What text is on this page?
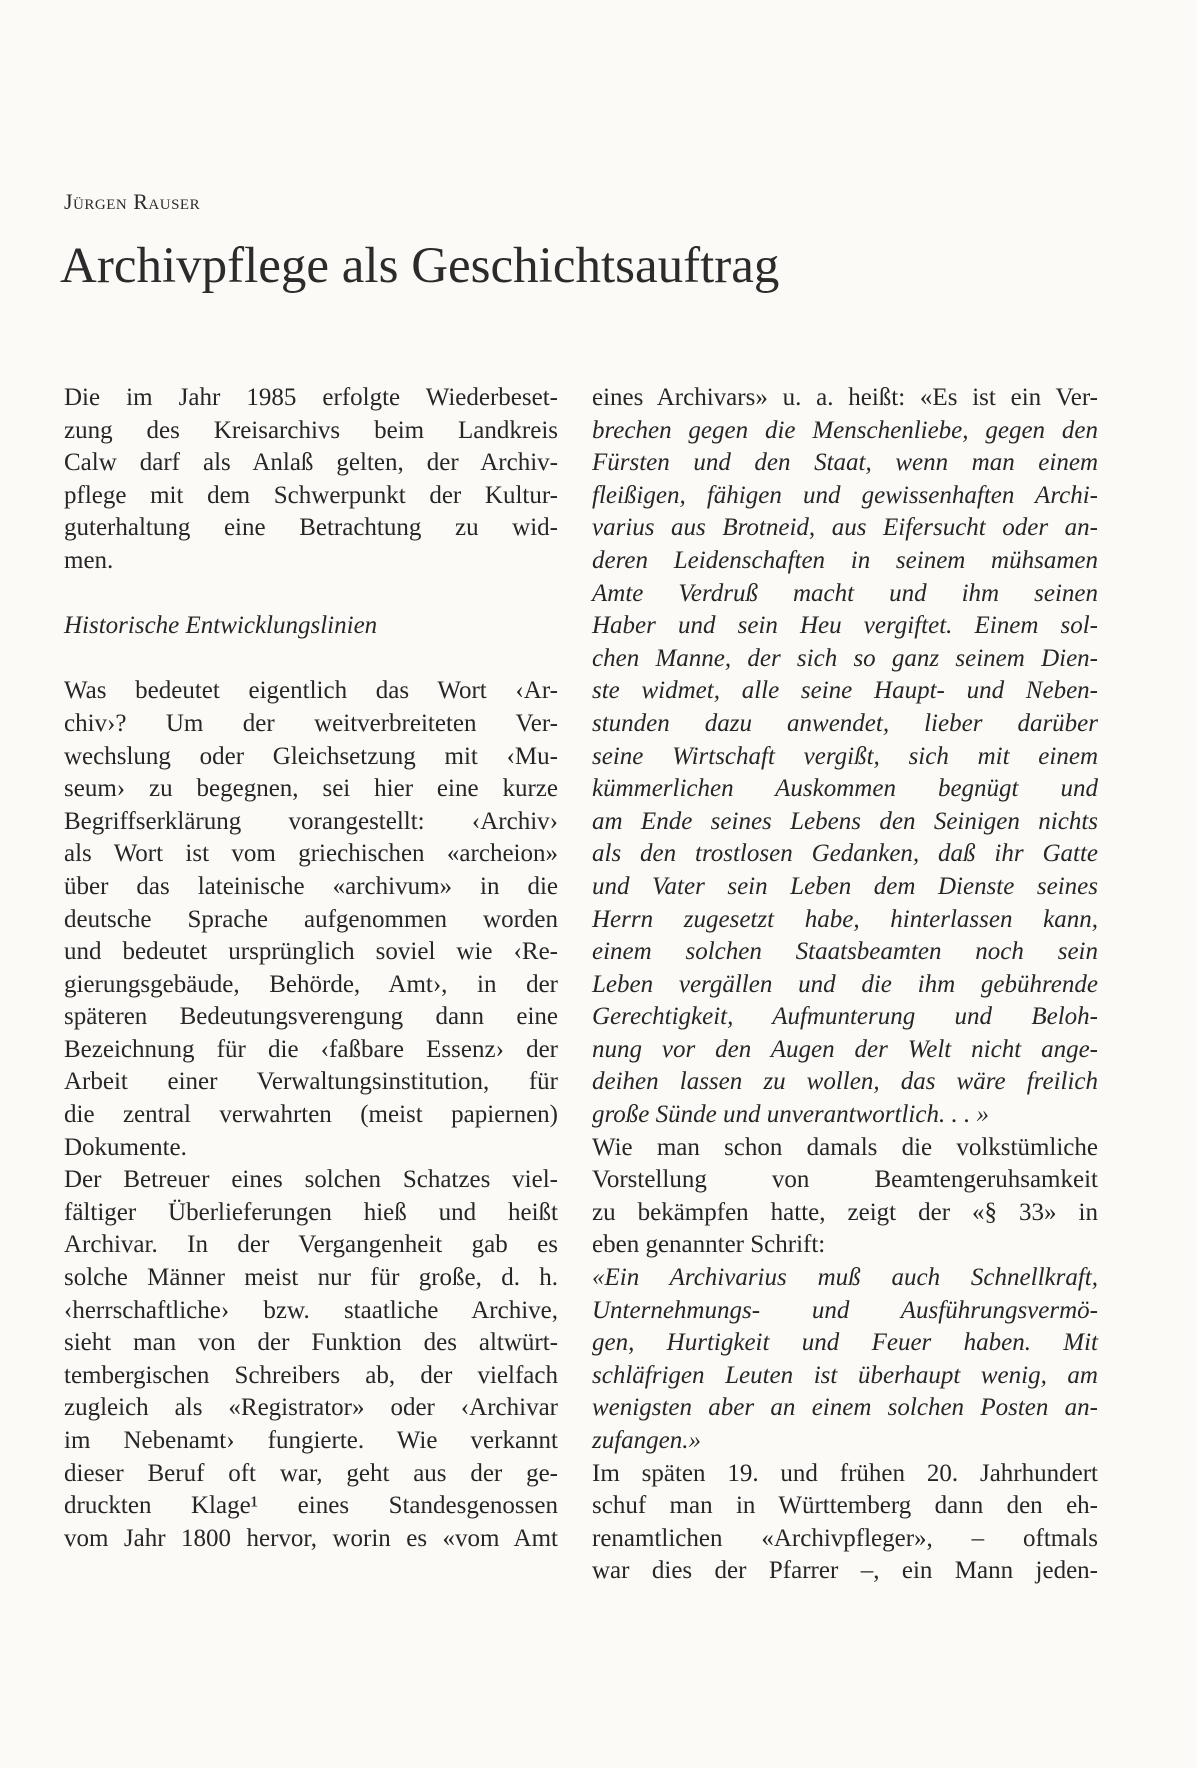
Jürgen Rauser
Archivpflege als Geschichtsauftrag
Die im Jahr 1985 erfolgte Wiederbeset-
zung des Kreisarchivs beim Landkreis
Calw darf als Anlaß gelten, der Archiv-
pflege mit dem Schwerpunkt der Kultur-
guterhaltung eine Betrachtung zu wid-
men.
Historische Entwicklungslinien
Was bedeutet eigentlich das Wort ‹Ar-
chiv›? Um der weitverbreiteten Ver-
wechslung oder Gleichsetzung mit ‹Mu-
seum› zu begegnen, sei hier eine kurze
Begriffserklärung vorangestellt: ‹Archiv›
als Wort ist vom griechischen «archeion»
über das lateinische «archivum» in die
deutsche Sprache aufgenommen worden
und bedeutet ursprünglich soviel wie ‹Re-
gierungsgebäude, Behörde, Amt›, in der
späteren Bedeutungsverengung dann eine
Bezeichnung für die ‹faßbare Essenz› der
Arbeit einer Verwaltungsinstitution, für
die zentral verwahrten (meist papiernen)
Dokumente.
Der Betreuer eines solchen Schatzes viel-
fältiger Überlieferungen hieß und heißt
Archivar. In der Vergangenheit gab es
solche Männer meist nur für große, d. h.
‹herrschaftliche› bzw. staatliche Archive,
sieht man von der Funktion des altwürt-
tembergischen Schreibers ab, der vielfach
zugleich als «Registrator» oder ‹Archivar
im Nebenamt› fungierte. Wie verkannt
dieser Beruf oft war, geht aus der ge-
druckten Klage¹ eines Standesgenossen
vom Jahr 1800 hervor, worin es «vom Amt
eines Archivars» u. a. heißt: «Es ist ein Ver-
brechen gegen die Menschenliebe, gegen den
Fürsten und den Staat, wenn man einem
fleißigen, fähigen und gewissenhaften Archi-
varius aus Brotneid, aus Eifersucht oder an-
deren Leidenschaften in seinem mühsamen
Amte Verdruß macht und ihm seinen
Haber und sein Heu vergiftet. Einem sol-
chen Manne, der sich so ganz seinem Dien-
ste widmet, alle seine Haupt- und Neben-
stunden dazu anwendet, lieber darüber
seine Wirtschaft vergißt, sich mit einem
kümmerlichen Auskommen begnügt und
am Ende seines Lebens den Seinigen nichts
als den trostlosen Gedanken, daß ihr Gatte
und Vater sein Leben dem Dienste seines
Herrn zugesetzt habe, hinterlassen kann,
einem solchen Staatsbeamten noch sein
Leben vergällen und die ihm gebührende
Gerechtigkeit, Aufmunterung und Beloh-
nung vor den Augen der Welt nicht ange-
deihen lassen zu wollen, das wäre freilich
große Sünde und unverantwortlich. . . »
Wie man schon damals die volkstümliche
Vorstellung von Beamtengeruhsamkeit
zu bekämpfen hatte, zeigt der «§ 33» in
eben genannter Schrift:
«Ein Archivarius muß auch Schnellkraft,
Unternehmungs- und Ausführungsvermö-
gen, Hurtigkeit und Feuer haben. Mit
schläfrigen Leuten ist überhaupt wenig, am
wenigsten aber an einem solchen Posten an-
zufangen.»
Im späten 19. und frühen 20. Jahrhundert
schuf man in Württemberg dann den eh-
renamtlichen «Archivpfleger», – oftmals
war dies der Pfarrer –, ein Mann jeden-
